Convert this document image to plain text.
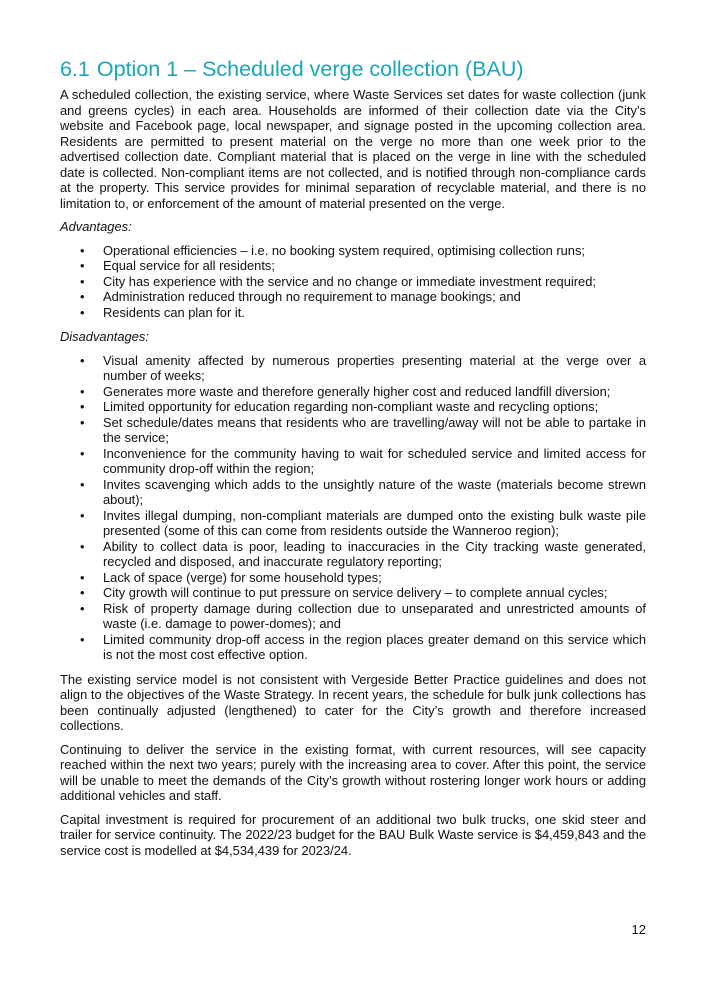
6.1 Option 1 – Scheduled verge collection (BAU)

A scheduled collection, the existing service, where Waste Services set dates for waste collection (junk and greens cycles) in each area. Households are informed of their collection date via the City’s website and Facebook page, local newspaper, and signage posted in the upcoming collection area. Residents are permitted to present material on the verge no more than one week prior to the advertised collection date. Compliant material that is placed on the verge in line with the scheduled date is collected. Non-compliant items are not collected, and is notified through non-compliance cards at the property. This service provides for minimal separation of recyclable material, and there is no limitation to, or enforcement of the amount of material presented on the verge.

Advantages:

• Operational efficiencies – i.e. no booking system required, optimising collection runs;
• Equal service for all residents;
• City has experience with the service and no change or immediate investment required;
• Administration reduced through no requirement to manage bookings; and
• Residents can plan for it.

Disadvantages:

• Visual amenity affected by numerous properties presenting material at the verge over a number of weeks;
• Generates more waste and therefore generally higher cost and reduced landfill diversion;
• Limited opportunity for education regarding non-compliant waste and recycling options;
• Set schedule/dates means that residents who are travelling/away will not be able to partake in the service;
• Inconvenience for the community having to wait for scheduled service and limited access for community drop-off within the region;
• Invites scavenging which adds to the unsightly nature of the waste (materials become strewn about);
• Invites illegal dumping, non-compliant materials are dumped onto the existing bulk waste pile presented (some of this can come from residents outside the Wanneroo region);
• Ability to collect data is poor, leading to inaccuracies in the City tracking waste generated, recycled and disposed, and inaccurate regulatory reporting;
• Lack of space (verge) for some household types;
• City growth will continue to put pressure on service delivery – to complete annual cycles;
• Risk of property damage during collection due to unseparated and unrestricted amounts of waste (i.e. damage to power-domes); and
• Limited community drop-off access in the region places greater demand on this service which is not the most cost effective option.

The existing service model is not consistent with Vergeside Better Practice guidelines and does not align to the objectives of the Waste Strategy. In recent years, the schedule for bulk junk collections has been continually adjusted (lengthened) to cater for the City’s growth and therefore increased collections.

Continuing to deliver the service in the existing format, with current resources, will see capacity reached within the next two years; purely with the increasing area to cover. After this point, the service will be unable to meet the demands of the City’s growth without rostering longer work hours or adding additional vehicles and staff.

Capital investment is required for procurement of an additional two bulk trucks, one skid steer and trailer for service continuity. The 2022/23 budget for the BAU Bulk Waste service is $4,459,843 and the service cost is modelled at $4,534,439 for 2023/24.

12
